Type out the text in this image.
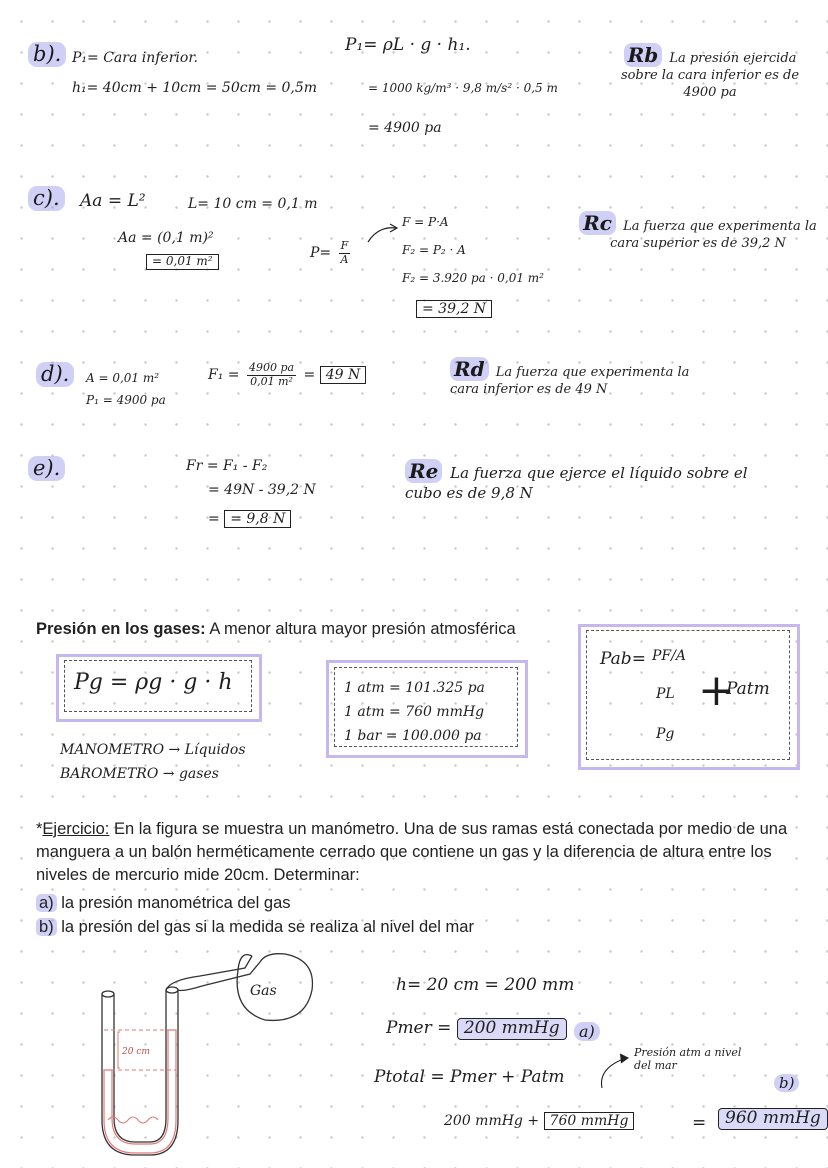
b). P₁= Cara inferior.
h₁= 40cm + 10cm = 50cm = 0,5m
P₁= ρL · g · h₁.
= 1000 kg/m³ · 9,8 m/s² · 0,5 m
= 4900 pa
Rb La presión ejercida sobre la cara inferior es de 4900 pa
c). Aa = L²	L= 10 cm = 0,1 m
Aa = (0,1 m)²
= 0,01 m²	$P= \frac{F}{A}$
F = P·A
F₂ = P₂ · A
F₂ = 3.920 pa · 0,01 m²
= 39,2 N
Rc La fuerza que experimenta la cara superior es de 39,2 N
d).	A = 0,01 m²
P₁ = 4900 pa
$F_1 = \frac{4900 pa}{\text{0,01 m²}} = 49$ N	Rd La fuerza que experimenta la cara inferior es de 49 N
e).	Fr = F₁ - F₂
= 49N - 39,2 N
= = 9,8 N
Re La fuerza que ejerce el líquido sobre el cubo es de 9,8 N
Presión en los gases: A menor altura mayor presión atmosférica
Pg = ρg · g · h	1 atm = 101.325 pa
1 atm = 760 mmHg
1 bar = 100.000 pa
Pab= PF/A
PL
Pg
+
Patm
MANOMETRO → Líquidos
BAROMETRO → gases
*Ejercicio: En la figura se muestra un manómetro. Una de sus ramas está conectada por medio de una manguera a un balón herméticamente cerrado que contiene un gas y la diferencia de altura entre los niveles de mercurio mide 20cm. Determinar:
a) la presión manométrica del gas
b) la presión del gas si la medida se realiza al nivel del mar
20 cm
Gas	h= 20 cm = 200 mm
Pmer = 200 mmHg	a)
Presión atm a nivel del mar
Ptotal = Pmer + Patm
200 mmHg + 760 mmHg	=
b)
960 mmHg
